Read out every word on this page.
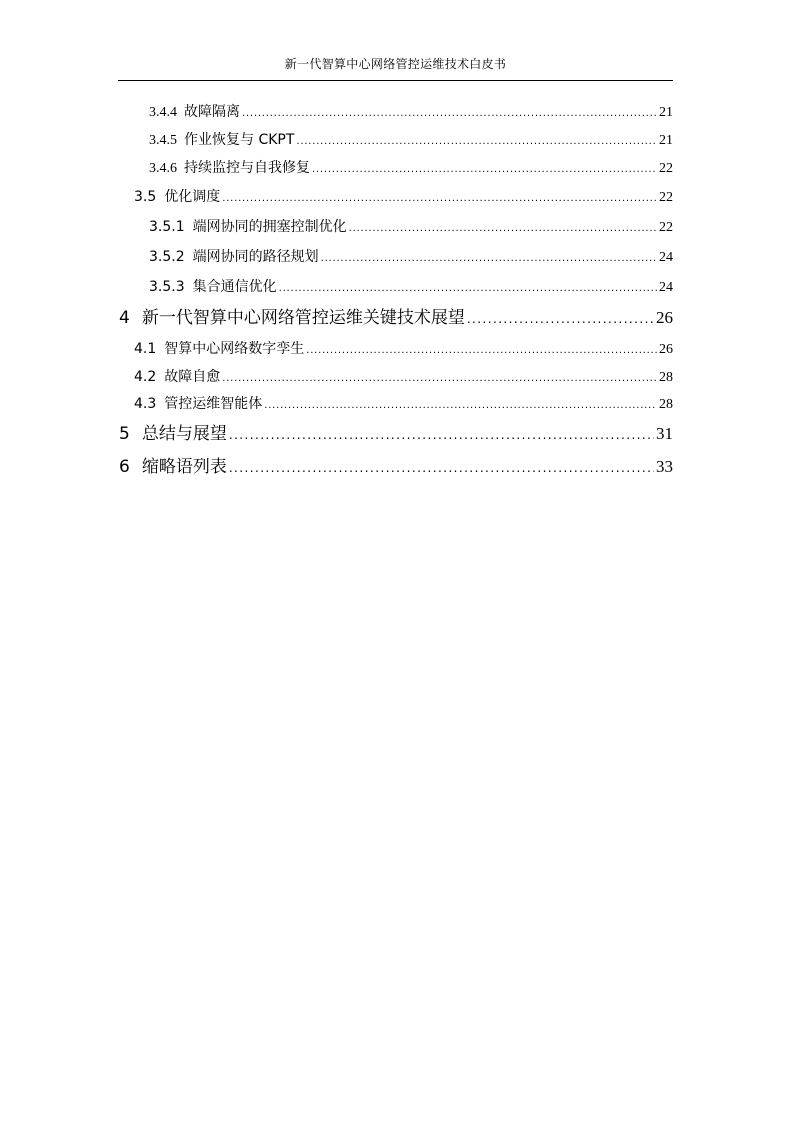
新一代智算中心网络管控运维技术白皮书
3.4.4 故障隔离 . . .	21
3.4.5 作业恢复与 CKPT . . .	21
3.4.6 持续监控与自我修复 . . .	22
3.5 优化调度 . . .	22
3.5.1 端网协同的拥塞控制优化 . . .	22
3.5.2 端网协同的路径规划 . . .	24
3.5.3 集合通信优化 . . .	24
4 新一代智算中心网络管控运维关键技术展望 . . .	26
4.1 智算中心网络数字孪生 . . .	26
4.2 故障自愈 . . .	28
4.3 管控运维智能体 . . .	28
5 总结与展望 . . .	31
6 缩略语列表 . . .	33
